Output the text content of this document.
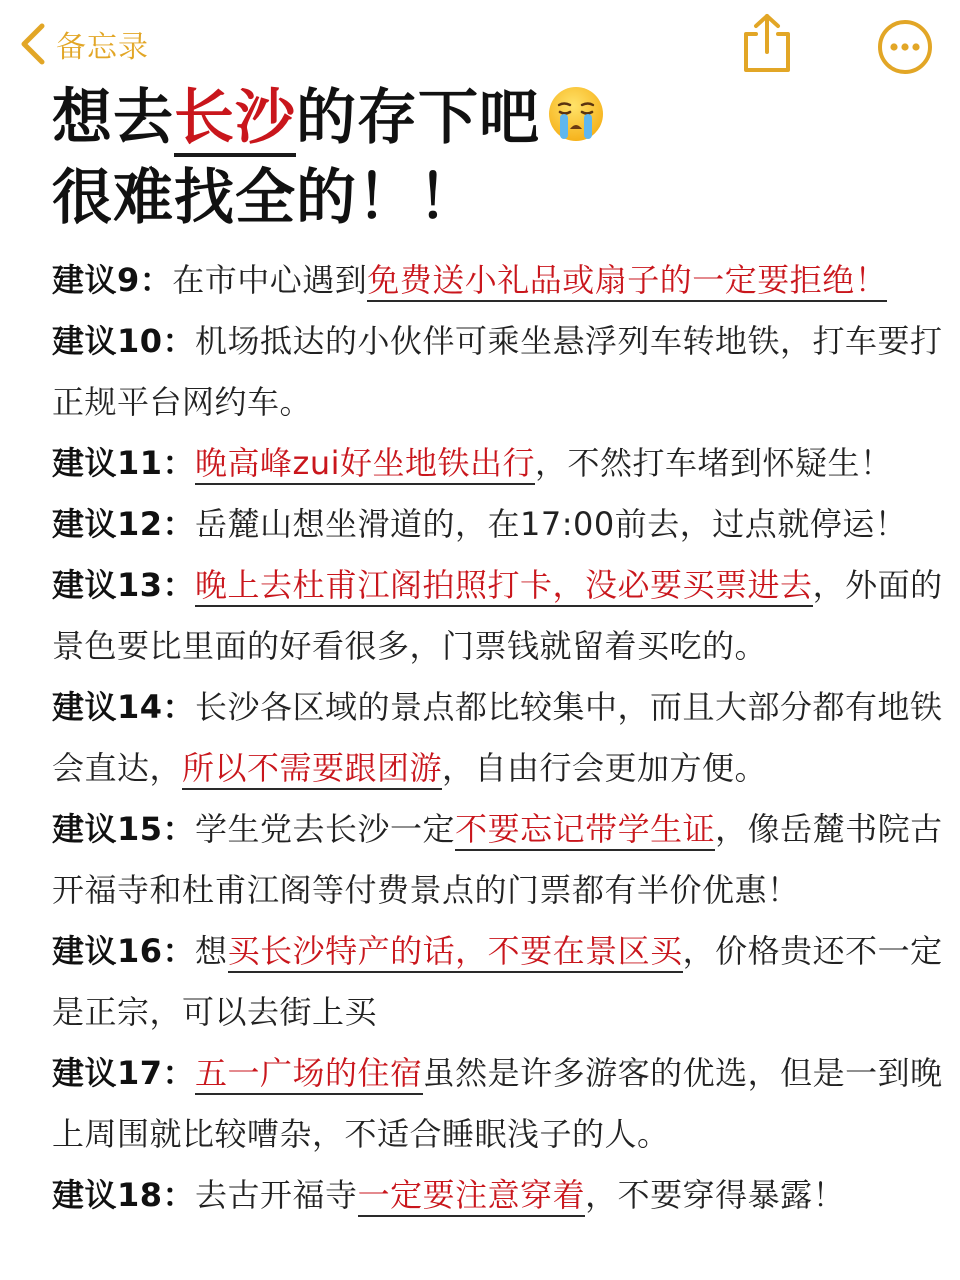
备忘录
想去长沙的存下吧
很难找全的！！
建议9：在市中心遇到免费送小礼品或扇子的一定要拒绝！
建议10：机场抵达的小伙伴可乘坐悬浮列车转地铁，打车要打正规平台网约车。
建议11：晚高峰zui好坐地铁出行，不然打车堵到怀疑生！
建议12：岳麓山想坐滑道的，在17:00前去，过点就停运！
建议13：晚上去杜甫江阁拍照打卡，没必要买票进去，外面的景色要比里面的好看很多，门票钱就留着买吃的。
建议14：长沙各区域的景点都比较集中，而且大部分都有地铁会直达，所以不需要跟团游，自由行会更加方便。
建议15：学生党去长沙一定不要忘记带学生证，像岳麓书院古开福寺和杜甫江阁等付费景点的门票都有半价优惠！
建议16：想买长沙特产的话，不要在景区买，价格贵还不一定是正宗，可以去街上买
建议17：五一广场的住宿虽然是许多游客的优选，但是一到晚上周围就比较嘈杂，不适合睡眠浅子的人。
建议18：去古开福寺一定要注意穿着，不要穿得暴露！
